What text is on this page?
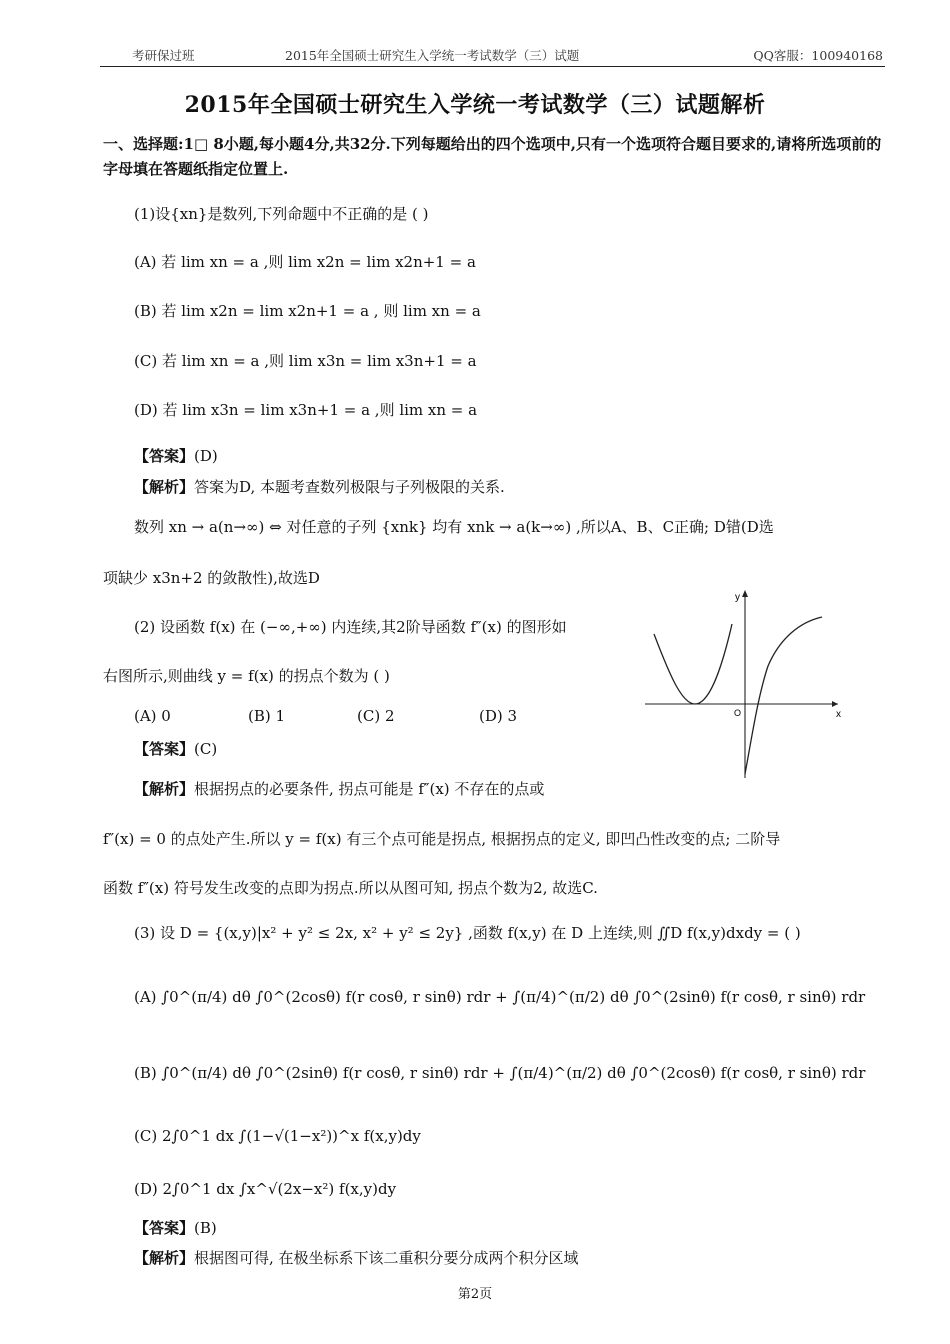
考研保过班	2015年全国硕士研究生入学统一考试数学（三）试题	QQ客服：100940168
2015年全国硕士研究生入学统一考试数学（三）试题解析
一、选择题:1□ 8小题,每小题4分,共32分.下列每题给出的四个选项中,只有一个选项符合题目要求的,请将所选项前的字母填在答题纸指定位置上.
(1)设{xn}是数列,下列命题中不正确的是 ( )
(A) 若 lim xn = a ,则 lim x2n = lim x2n+1 = a
(B) 若 lim x2n = lim x2n+1 = a , 则 lim xn = a
(C) 若 lim xn = a ,则 lim x3n = lim x3n+1 = a
(D) 若 lim x3n = lim x3n+1 = a ,则 lim xn = a
【答案】(D)
【解析】答案为D, 本题考查数列极限与子列极限的关系.
数列 xn → a(n→∞) ⇔ 对任意的子列 {xnk} 均有 xnk → a(k→∞) ,所以A、B、C正确; D错(D选
项缺少 x3n+2 的敛散性),故选D
(2) 设函数 f(x) 在 (−∞,+∞) 内连续,其2阶导函数 f″(x) 的图形如
右图所示,则曲线 y = f(x) 的拐点个数为 ( )
(A) 0	(B) 1	(C) 2	(D) 3
【答案】(C)
【解析】根据拐点的必要条件, 拐点可能是 f″(x) 不存在的点或
f″(x) = 0 的点处产生.所以 y = f(x) 有三个点可能是拐点, 根据拐点的定义, 即凹凸性改变的点; 二阶导
函数 f″(x) 符号发生改变的点即为拐点.所以从图可知, 拐点个数为2, 故选C.
y
x
O
(3) 设 D = {(x,y)|x² + y² ≤ 2x, x² + y² ≤ 2y} ,函数 f(x,y) 在 D 上连续,则 ∬D f(x,y)dxdy = ( )
(A) ∫0^(π/4) dθ ∫0^(2cosθ) f(r cosθ, r sinθ) rdr + ∫(π/4)^(π/2) dθ ∫0^(2sinθ) f(r cosθ, r sinθ) rdr
(B) ∫0^(π/4) dθ ∫0^(2sinθ) f(r cosθ, r sinθ) rdr + ∫(π/4)^(π/2) dθ ∫0^(2cosθ) f(r cosθ, r sinθ) rdr
(C) 2∫0^1 dx ∫(1−√(1−x²))^x f(x,y)dy
(D) 2∫0^1 dx ∫x^√(2x−x²) f(x,y)dy
【答案】(B)
【解析】根据图可得, 在极坐标系下该二重积分要分成两个积分区域
第2页
